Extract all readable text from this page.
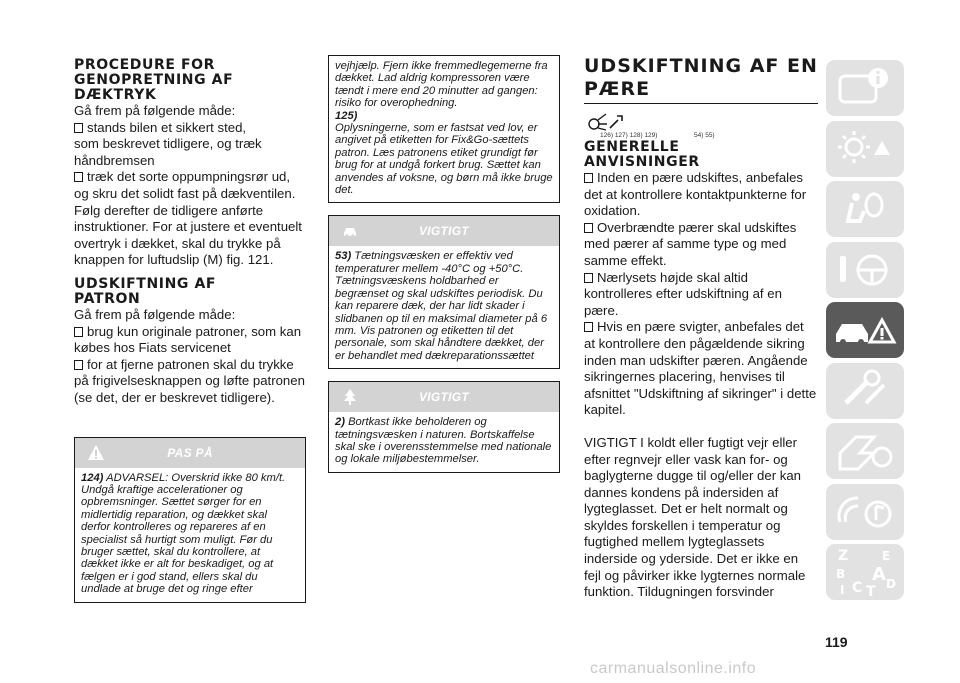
PROCEDURE FOR
GENOPRETNING AF
DÆKTRYK

Gå frem på følgende måde:

stands bilen et sikkert sted,

som beskrevet tidligere, og træk håndbremsen

træk det sorte oppumpningsrør ud,

og skru det solidt fast på dækventilen. Følg derefter de tidligere anførte instruktioner. For at justere et eventuelt overtryk i dækket, skal du trykke på knappen for luftudslip (M) fig. 121.

UDSKIFTNING AF
PATRON

Gå frem på følgende måde:

brug kun originale patroner, som kan

købes hos Fiats servicenet

for at fjerne patronen skal du trykke

på frigivelsesknappen og løfte patronen (se det, der er beskrevet tidligere).

PAS PÅ
124) ADVARSEL: Overskrid ikke 80 km/t. Undgå kraftige accelerationer og opbremsninger. Sættet sørger for en midlertidig reparation, og dækket skal derfor kontrolleres og repareres af en specialist så hurtigt som muligt. Før du bruger sættet, skal du kontrollere, at dækket ikke er alt for beskadiget, og at fælgen er i god stand, ellers skal du undlade at bruge det og ringe efter
vejhjælp. Fjern ikke fremmedlegemerne fra dækket. Lad aldrig kompressoren være tændt i mere end 20 minutter ad gangen: risiko for overophedning.
125)
Oplysningerne, som er fastsat ved lov, er angivet på etiketten for Fix&Go-sættets patron. Læs patronens etiket grundigt før brug for at undgå forkert brug. Sættet kan anvendes af voksne, og børn må ikke bruge det.
VIGTIGT
53) Tætningsvæsken er effektiv ved temperaturer mellem -40°C og +50°C. Tætningsvæskens holdbarhed er begrænset og skal udskiftes periodisk. Du kan reparere dæk, der har lidt skader i slidbanen op til en maksimal diameter på 6 mm. Vis patronen og etiketten til det personale, som skal håndtere dækket, der er behandlet med dækreparationssættet
VIGTIGT
2) Bortkast ikke beholderen og tætningsvæsken i naturen. Bortskaffelse skal ske i overensstemmelse med nationale og lokale miljøbestemmelser.
UDSKIFTNING AF EN
PÆRE
126) 127) 128) 129)	54) 55)
GENERELLE
ANVISNINGER

Inden en pære udskiftes, anbefales

det at kontrollere kontaktpunkterne for oxidation.

Overbrændte pærer skal udskiftes

med pærer af samme type og med samme effekt.

Nærlysets højde skal altid

kontrolleres efter udskiftning af en pære.

Hvis en pære svigter, anbefales det

at kontrollere den pågældende sikring inden man udskifter pæren. Angående sikringernes placering, henvises til afsnittet "Udskiftning af sikringer" i dette kapitel.

VIGTIGT I koldt eller fugtigt vejr eller efter regnvejr eller vask kan for- og baglygterne dugge til og/eller der kan dannes kondens på indersiden af lygteglasset. Det er helt normalt og skyldes forskellen i temperatur og fugtighed mellem lygteglassets inderside og yderside. Det er ikke en fejl og påvirker ikke lygternes normale funktion. Tildugningen forsvinder

Z	E
B A
I C T D
119
carmanualsonline.info
